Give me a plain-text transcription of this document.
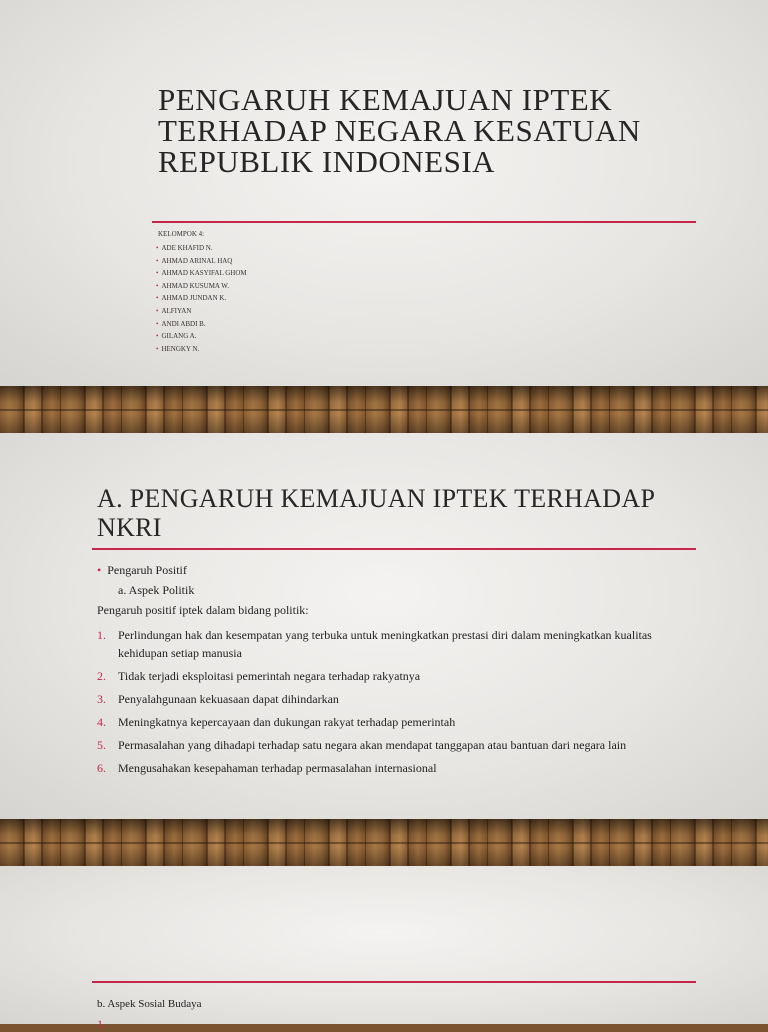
PENGARUH KEMAJUAN IPTEK
TERHADAP NEGARA KESATUAN
REPUBLIK INDONESIA
KELOMPOK 4:
• ADE KHAFID N.
• AHMAD ARINAL HAQ
• AHMAD KASYIFAL GHOM
• AHMAD KUSUMA W.
• AHMAD JUNDAN K.
• ALFIYAN
• ANDI ABDI B.
• GILANG A.
• HENGKY N.
A. PENGARUH KEMAJUAN IPTEK TERHADAP
NKRI
• Pengaruh Positif
a. Aspek Politik
Pengaruh positif iptek dalam bidang politik:
1. Perlindungan hak dan kesempatan yang terbuka untuk meningkatkan prestasi diri dalam meningkatkan kualitas kehidupan setiap manusia
2. Tidak terjadi eksploitasi pemerintah negara terhadap rakyatnya
3. Penyalahgunaan kekuasaan dapat dihindarkan
4. Meningkatnya kepercayaan dan dukungan rakyat terhadap pemerintah
5. Permasalahan yang dihadapi terhadap satu negara akan mendapat tanggapan atau bantuan dari negara lain
6. Mengusahakan kesepahaman terhadap permasalahan internasional
b. Aspek Sosial Budaya
1.
